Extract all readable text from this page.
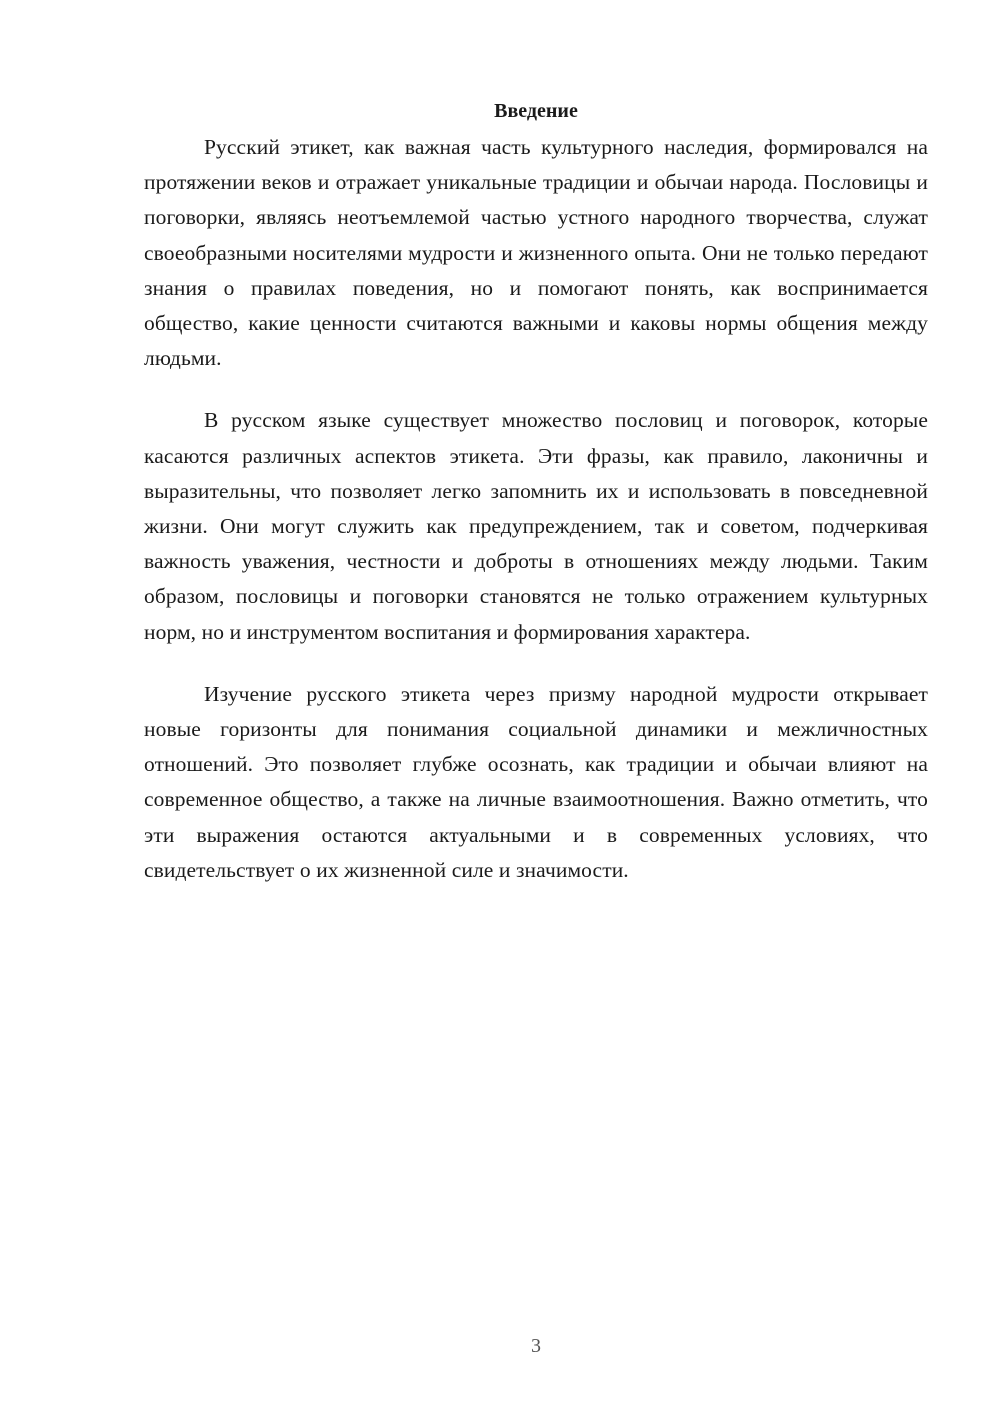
Введение

Русский этикет, как важная часть культурного наследия, формировался на протяжении веков и отражает уникальные традиции и обычаи народа. Пословицы и поговорки, являясь неотъемлемой частью устного народного творчества, служат своеобразными носителями мудрости и жизненного опыта. Они не только передают знания о правилах поведения, но и помогают понять, как воспринимается общество, какие ценности считаются важными и каковы нормы общения между людьми.

В русском языке существует множество пословиц и поговорок, которые касаются различных аспектов этикета. Эти фразы, как правило, лаконичны и выразительны, что позволяет легко запомнить их и использовать в повседневной жизни. Они могут служить как предупреждением, так и советом, подчеркивая важность уважения, честности и доброты в отношениях между людьми. Таким образом, пословицы и поговорки становятся не только отражением культурных норм, но и инструментом воспитания и формирования характера.

Изучение русского этикета через призму народной мудрости открывает новые горизонты для понимания социальной динамики и межличностных отношений. Это позволяет глубже осознать, как традиции и обычаи влияют на современное общество, а также на личные взаимоотношения. Важно отметить, что эти выражения остаются актуальными и в современных условиях, что свидетельствует о их жизненной силе и значимости.

3
